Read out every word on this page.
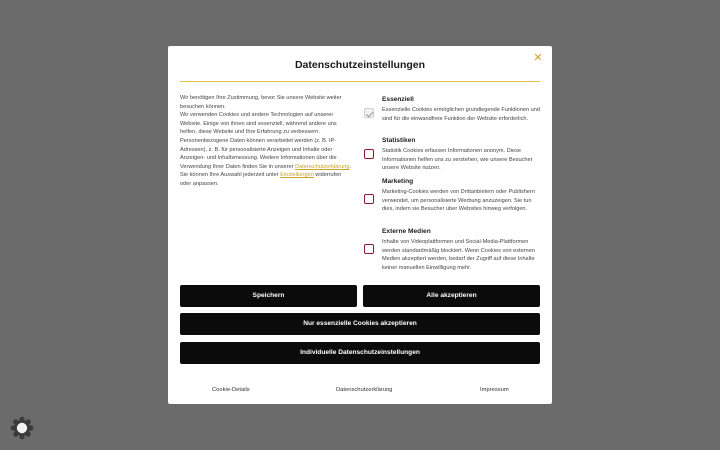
✕
Datenschutzeinstellungen

Wir benötigen Ihre Zustimmung, bevor Sie unsere Website weiter besuchen können.

Wir verwenden Cookies und andere Technologien auf unserer Website. Einige von ihnen sind essenziell, während andere uns helfen, diese Website und Ihre Erfahrung zu verbessern. Personenbezogene Daten können verarbeitet werden (z. B. IP-Adressen), z. B. für personalisierte Anzeigen und Inhalte oder Anzeigen- und Inhaltsmessung. Weitere Informationen über die Verwendung Ihrer Daten finden Sie in unserer Datenschutzerklärung. Sie können Ihre Auswahl jederzeit unter Einstellungen widerrufen oder anpassen.

Essenziell
Essenzielle Cookies ermöglichen grundlegende Funktionen und sind für die einwandfreie Funktion der Website erforderlich.
Statistiken
Statistik Cookies erfassen Informationen anonym. Diese Informationen helfen uns zu verstehen, wie unsere Besucher unsere Website nutzen.
Marketing
Marketing-Cookies werden von Drittanbietern oder Publishern verwendet, um personalisierte Werbung anzuzeigen. Sie tun dies, indem sie Besucher über Websites hinweg verfolgen.
Externe Medien
Inhalte von Videoplattformen und Social-Media-Plattformen werden standardmäßig blockiert. Wenn Cookies von externen Medien akzeptiert werden, bedarf der Zugriff auf diese Inhalte keiner manuellen Einwilligung mehr.
Speichern	Alle akzeptieren
Nur essenzielle Cookies akzeptieren
Individuelle Datenschutzeinstellungen
Cookie-Details	Datenschutzerklärung	Impressum
